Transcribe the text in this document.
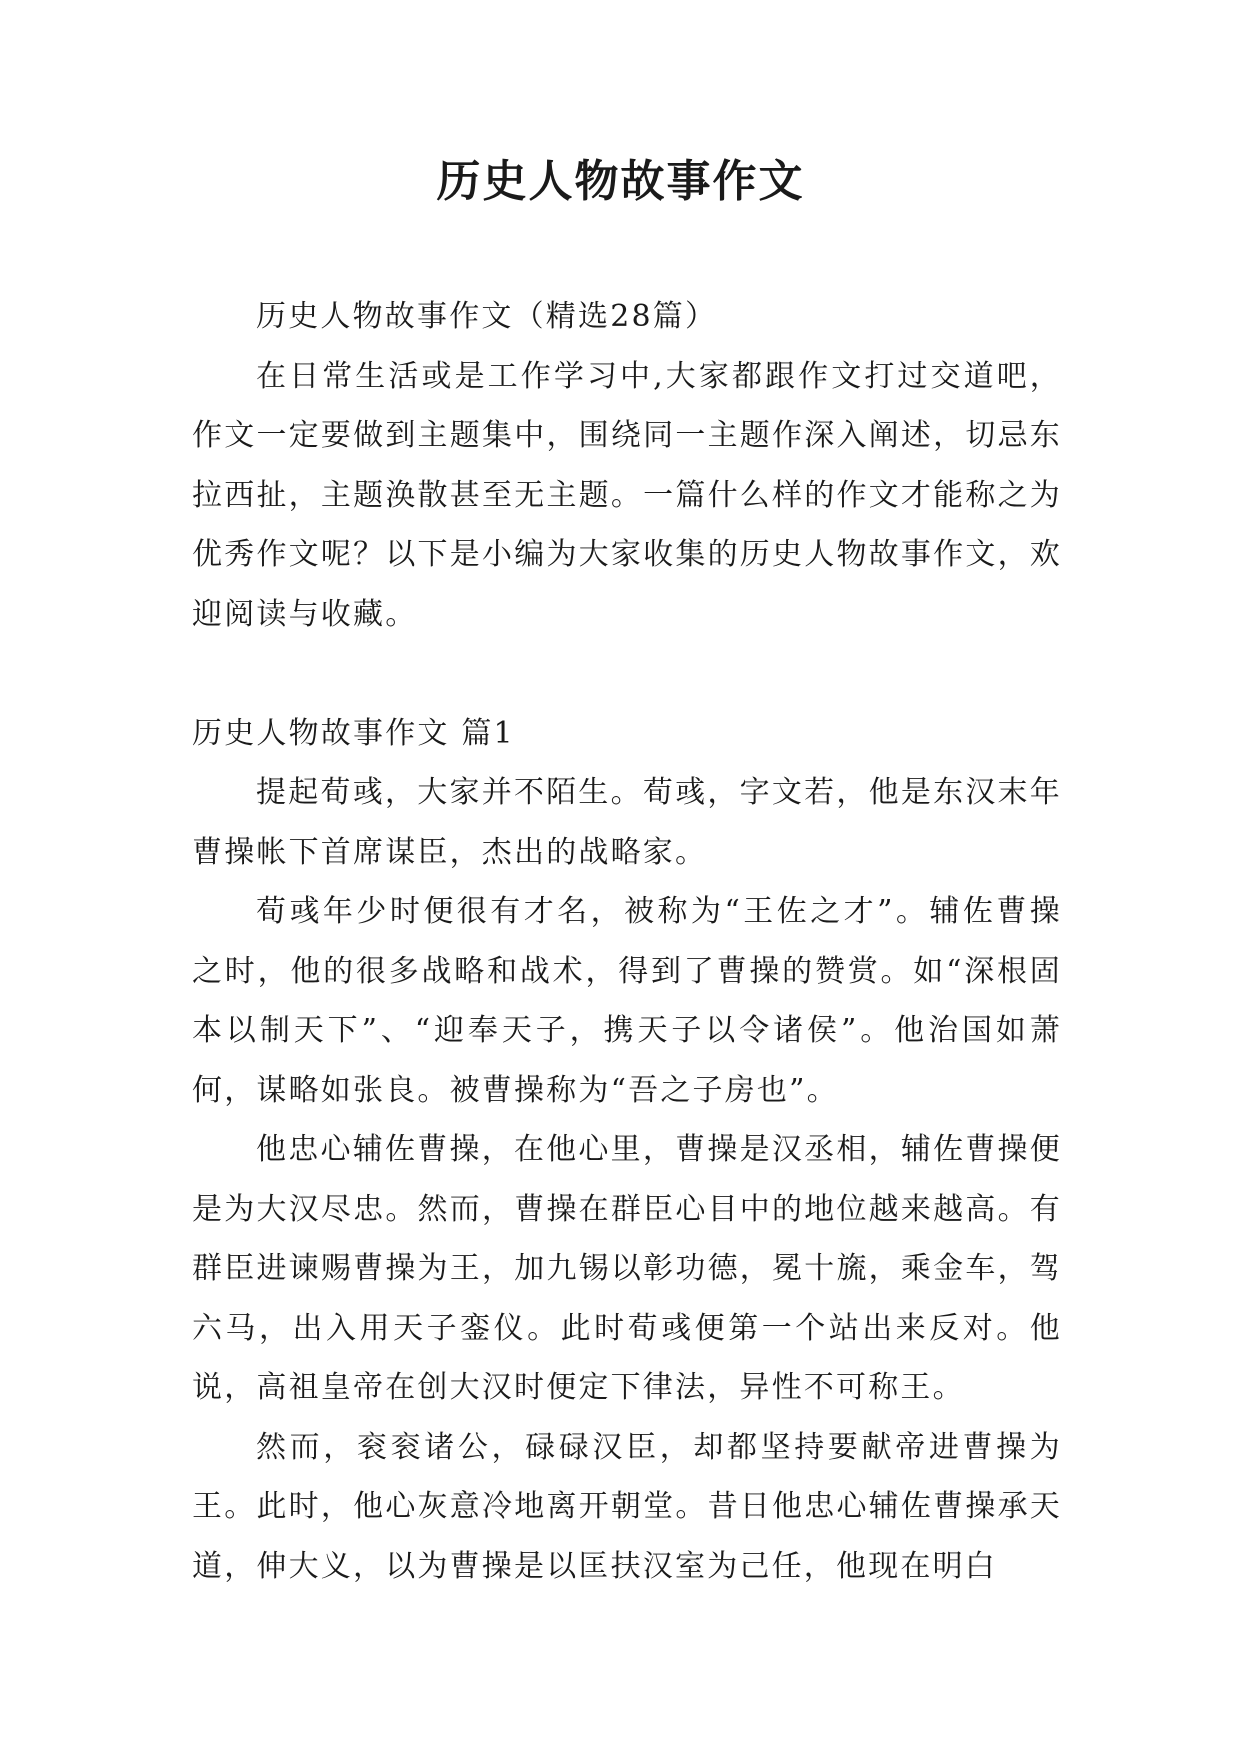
历史人物故事作文

历史人物故事作文（精选28篇）

在日常生活或是工作学习中,大家都跟作文打过交道吧，作文一定要做到主题集中，围绕同一主题作深入阐述，切忌东拉西扯，主题涣散甚至无主题。一篇什么样的作文才能称之为优秀作文呢？以下是小编为大家收集的历史人物故事作文，欢迎阅读与收藏。

历史人物故事作文 篇1

提起荀彧，大家并不陌生。荀彧，字文若，他是东汉末年曹操帐下首席谋臣，杰出的战略家。

荀彧年少时便很有才名，被称为“王佐之才”。辅佐曹操之时，他的很多战略和战术，得到了曹操的赞赏。如“深根固本以制天下”、“迎奉天子，携天子以令诸侯”。他治国如萧何，谋略如张良。被曹操称为“吾之子房也”。

他忠心辅佐曹操，在他心里，曹操是汉丞相，辅佐曹操便是为大汉尽忠。然而，曹操在群臣心目中的地位越来越高。有群臣进谏赐曹操为王，加九锡以彰功德，冕十旒，乘金车，驾六马，出入用天子銮仪。此时荀彧便第一个站出来反对。他说，高祖皇帝在创大汉时便定下律法，异性不可称王。

然而，衮衮诸公，碌碌汉臣，却都坚持要献帝进曹操为王。此时，他心灰意冷地离开朝堂。昔日他忠心辅佐曹操承天道，伸大义，以为曹操是以匡扶汉室为己任，他现在明白
